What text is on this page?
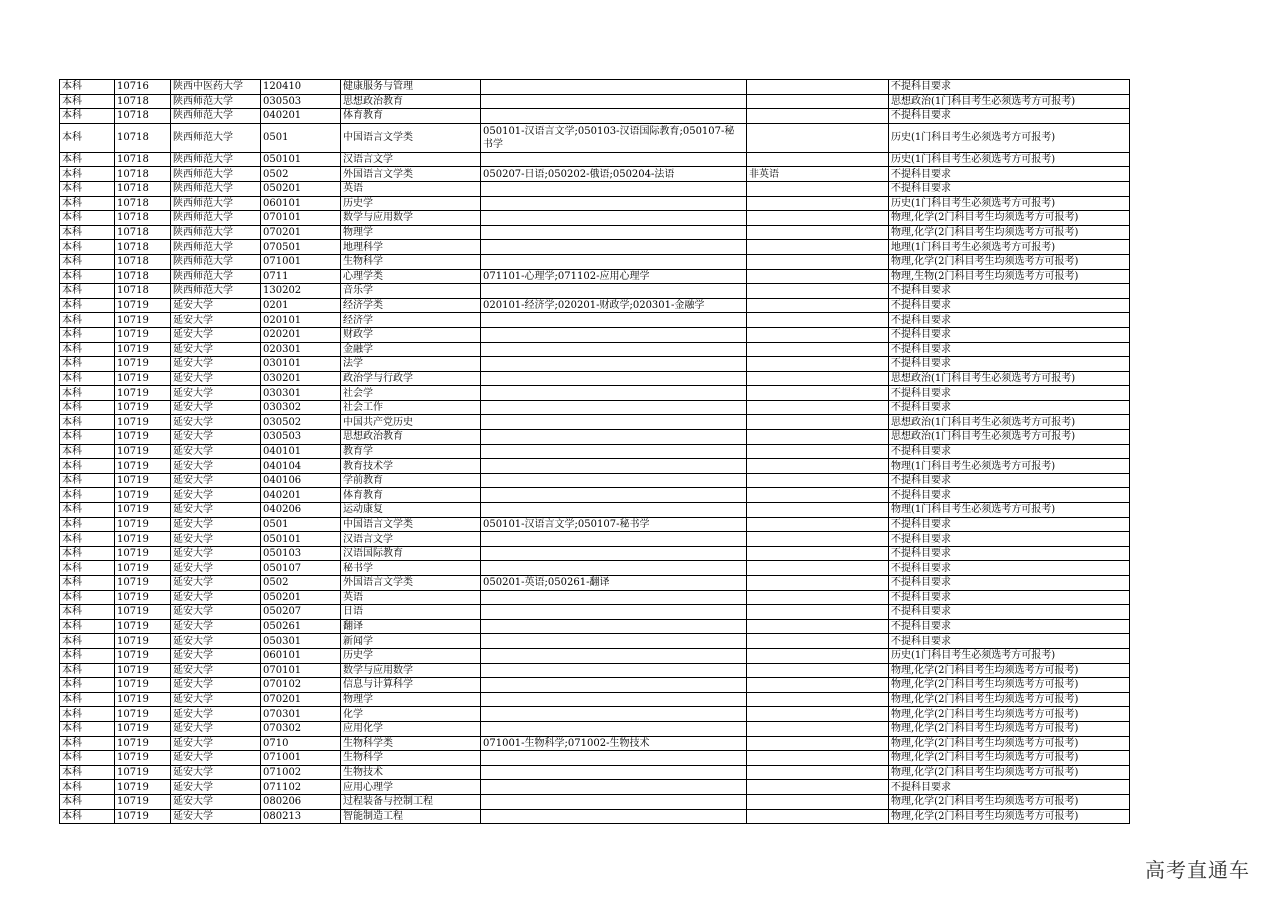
本科	10716	陕西中医药大学	120410	健康服务与管理			不提科目要求
本科	10718	陕西师范大学	030503	思想政治教育			思想政治(1门科目考生必须选考方可报考)
本科	10718	陕西师范大学	040201	体育教育			不提科目要求
本科	10718	陕西师范大学	0501	中国语言文学类	050101-汉语言文学;050103-汉语国际教育;050107-秘书学		历史(1门科目考生必须选考方可报考)
本科	10718	陕西师范大学	050101	汉语言文学			历史(1门科目考生必须选考方可报考)
本科	10718	陕西师范大学	0502	外国语言文学类	050207-日语;050202-俄语;050204-法语	非英语	不提科目要求
本科	10718	陕西师范大学	050201	英语			不提科目要求
本科	10718	陕西师范大学	060101	历史学			历史(1门科目考生必须选考方可报考)
本科	10718	陕西师范大学	070101	数学与应用数学			物理,化学(2门科目考生均须选考方可报考)
本科	10718	陕西师范大学	070201	物理学			物理,化学(2门科目考生均须选考方可报考)
本科	10718	陕西师范大学	070501	地理科学			地理(1门科目考生必须选考方可报考)
本科	10718	陕西师范大学	071001	生物科学			物理,化学(2门科目考生均须选考方可报考)
本科	10718	陕西师范大学	0711	心理学类	071101-心理学;071102-应用心理学		物理,生物(2门科目考生均须选考方可报考)
本科	10718	陕西师范大学	130202	音乐学			不提科目要求
本科	10719	延安大学	0201	经济学类	020101-经济学;020201-财政学;020301-金融学		不提科目要求
本科	10719	延安大学	020101	经济学			不提科目要求
本科	10719	延安大学	020201	财政学			不提科目要求
本科	10719	延安大学	020301	金融学			不提科目要求
本科	10719	延安大学	030101	法学			不提科目要求
本科	10719	延安大学	030201	政治学与行政学			思想政治(1门科目考生必须选考方可报考)
本科	10719	延安大学	030301	社会学			不提科目要求
本科	10719	延安大学	030302	社会工作			不提科目要求
本科	10719	延安大学	030502	中国共产党历史			思想政治(1门科目考生必须选考方可报考)
本科	10719	延安大学	030503	思想政治教育			思想政治(1门科目考生必须选考方可报考)
本科	10719	延安大学	040101	教育学			不提科目要求
本科	10719	延安大学	040104	教育技术学			物理(1门科目考生必须选考方可报考)
本科	10719	延安大学	040106	学前教育			不提科目要求
本科	10719	延安大学	040201	体育教育			不提科目要求
本科	10719	延安大学	040206	运动康复			物理(1门科目考生必须选考方可报考)
本科	10719	延安大学	0501	中国语言文学类	050101-汉语言文学;050107-秘书学		不提科目要求
本科	10719	延安大学	050101	汉语言文学			不提科目要求
本科	10719	延安大学	050103	汉语国际教育			不提科目要求
本科	10719	延安大学	050107	秘书学			不提科目要求
本科	10719	延安大学	0502	外国语言文学类	050201-英语;050261-翻译		不提科目要求
本科	10719	延安大学	050201	英语			不提科目要求
本科	10719	延安大学	050207	日语			不提科目要求
本科	10719	延安大学	050261	翻译			不提科目要求
本科	10719	延安大学	050301	新闻学			不提科目要求
本科	10719	延安大学	060101	历史学			历史(1门科目考生必须选考方可报考)
本科	10719	延安大学	070101	数学与应用数学			物理,化学(2门科目考生均须选考方可报考)
本科	10719	延安大学	070102	信息与计算科学			物理,化学(2门科目考生均须选考方可报考)
本科	10719	延安大学	070201	物理学			物理,化学(2门科目考生均须选考方可报考)
本科	10719	延安大学	070301	化学			物理,化学(2门科目考生均须选考方可报考)
本科	10719	延安大学	070302	应用化学			物理,化学(2门科目考生均须选考方可报考)
本科	10719	延安大学	0710	生物科学类	071001-生物科学;071002-生物技术		物理,化学(2门科目考生均须选考方可报考)
本科	10719	延安大学	071001	生物科学			物理,化学(2门科目考生均须选考方可报考)
本科	10719	延安大学	071002	生物技术			物理,化学(2门科目考生均须选考方可报考)
本科	10719	延安大学	071102	应用心理学			不提科目要求
本科	10719	延安大学	080206	过程装备与控制工程			物理,化学(2门科目考生均须选考方可报考)
本科	10719	延安大学	080213	智能制造工程			物理,化学(2门科目考生均须选考方可报考)
高考直通车
